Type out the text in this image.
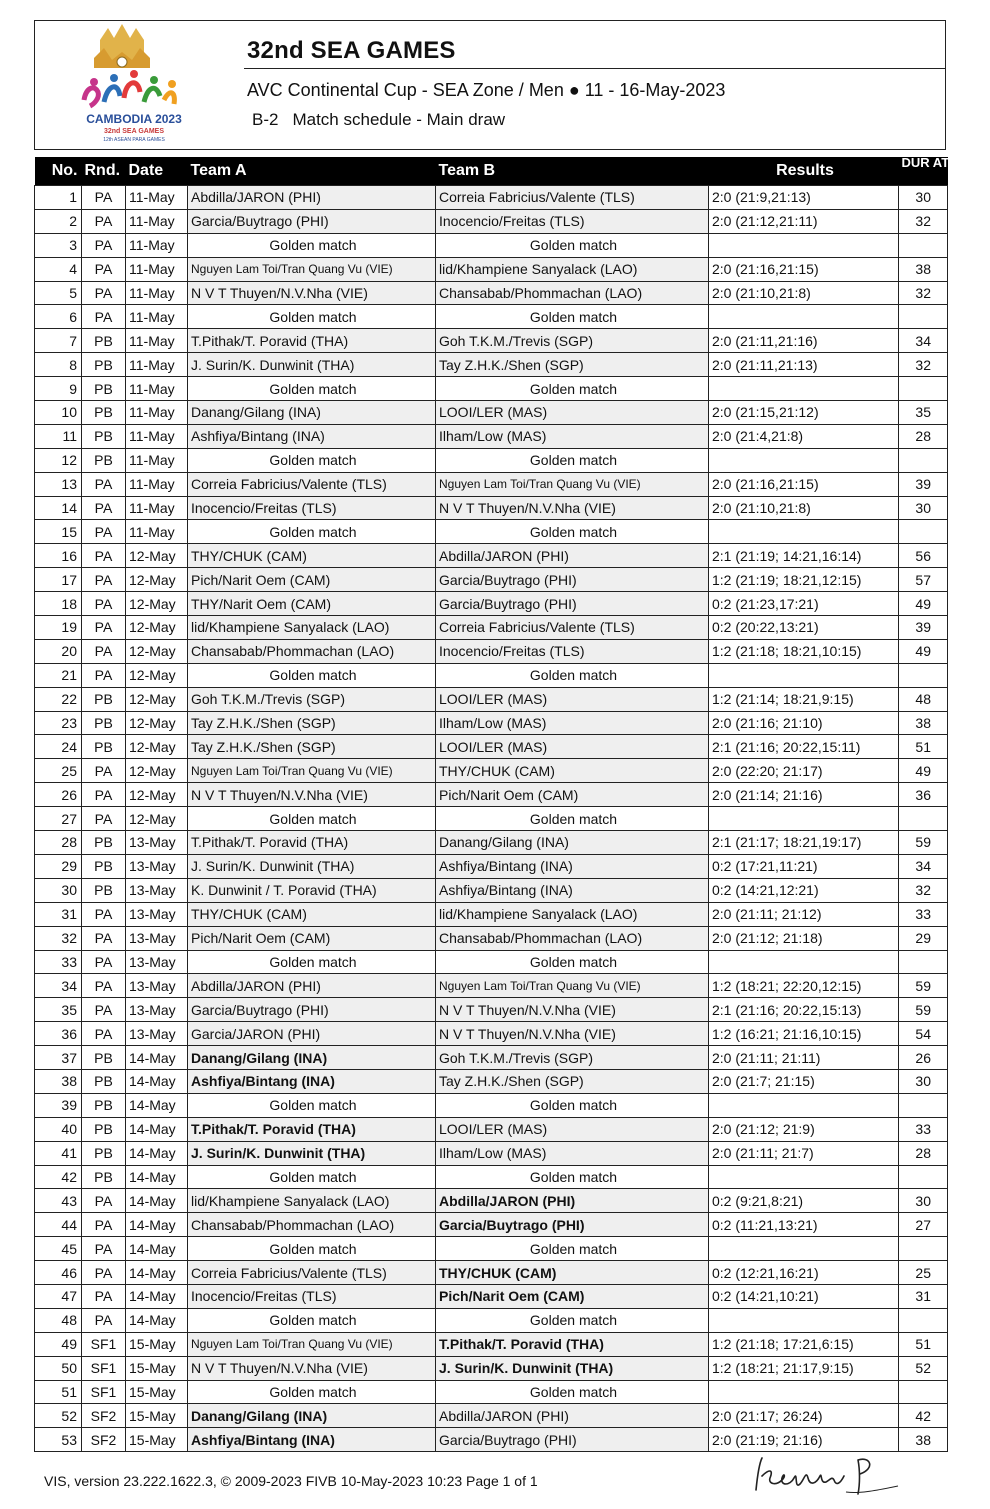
CAMBODIA 2023
32nd SEA GAMES
12th ASEAN PARA GAMES
32nd SEA GAMES
AVC Continental Cup - SEA Zone / Men ● 11 - 16-May-2023
B-2 Match schedule - Main draw
No.	Rnd.	Date	Team A	Team B	Results	DUR ATIO
1	PA	11-May	Abdilla/JARON (PHI)	Correia Fabricius/Valente (TLS)	2:0 (21:9,21:13)	30
2	PA	11-May	Garcia/Buytrago (PHI)	Inocencio/Freitas (TLS)	2:0 (21:12,21:11)	32
3	PA	11-May	Golden match	Golden match		
4	PA	11-May	Nguyen Lam Toi/Tran Quang Vu (VIE)	lid/Khampiene Sanyalack (LAO)	2:0 (21:16,21:15)	38
5	PA	11-May	N V T Thuyen/N.V.Nha (VIE)	Chansabab/Phommachan (LAO)	2:0 (21:10,21:8)	32
6	PA	11-May	Golden match	Golden match		
7	PB	11-May	T.Pithak/T. Poravid (THA)	Goh T.K.M./Trevis (SGP)	2:0 (21:11,21:16)	34
8	PB	11-May	J. Surin/K. Dunwinit (THA)	Tay Z.H.K./Shen (SGP)	2:0 (21:11,21:13)	32
9	PB	11-May	Golden match	Golden match		
10	PB	11-May	Danang/Gilang (INA)	LOOI/LER (MAS)	2:0 (21:15,21:12)	35
11	PB	11-May	Ashfiya/Bintang (INA)	Ilham/Low (MAS)	2:0 (21:4,21:8)	28
12	PB	11-May	Golden match	Golden match		
13	PA	11-May	Correia Fabricius/Valente (TLS)	Nguyen Lam Toi/Tran Quang Vu (VIE)	2:0 (21:16,21:15)	39
14	PA	11-May	Inocencio/Freitas (TLS)	N V T Thuyen/N.V.Nha (VIE)	2:0 (21:10,21:8)	30
15	PA	11-May	Golden match	Golden match		
16	PA	12-May	THY/CHUK (CAM)	Abdilla/JARON (PHI)	2:1 (21:19; 14:21,16:14)	56
17	PA	12-May	Pich/Narit Oem (CAM)	Garcia/Buytrago (PHI)	1:2 (21:19; 18:21,12:15)	57
18	PA	12-May	THY/Narit Oem (CAM)	Garcia/Buytrago (PHI)	0:2 (21:23,17:21)	49
19	PA	12-May	lid/Khampiene Sanyalack (LAO)	Correia Fabricius/Valente (TLS)	0:2 (20:22,13:21)	39
20	PA	12-May	Chansabab/Phommachan (LAO)	Inocencio/Freitas (TLS)	1:2 (21:18; 18:21,10:15)	49
21	PA	12-May	Golden match	Golden match		
22	PB	12-May	Goh T.K.M./Trevis (SGP)	LOOI/LER (MAS)	1:2 (21:14; 18:21,9:15)	48
23	PB	12-May	Tay Z.H.K./Shen (SGP)	Ilham/Low (MAS)	2:0 (21:16; 21:10)	38
24	PB	12-May	Tay Z.H.K./Shen (SGP)	LOOI/LER (MAS)	2:1 (21:16; 20:22,15:11)	51
25	PA	12-May	Nguyen Lam Toi/Tran Quang Vu (VIE)	THY/CHUK (CAM)	2:0 (22:20; 21:17)	49
26	PA	12-May	N V T Thuyen/N.V.Nha (VIE)	Pich/Narit Oem (CAM)	2:0 (21:14; 21:16)	36
27	PA	12-May	Golden match	Golden match		
28	PB	13-May	T.Pithak/T. Poravid (THA)	Danang/Gilang (INA)	2:1 (21:17; 18:21,19:17)	59
29	PB	13-May	J. Surin/K. Dunwinit (THA)	Ashfiya/Bintang (INA)	0:2 (17:21,11:21)	34
30	PB	13-May	K. Dunwinit / T. Poravid (THA)	Ashfiya/Bintang (INA)	0:2 (14:21,12:21)	32
31	PA	13-May	THY/CHUK (CAM)	lid/Khampiene Sanyalack (LAO)	2:0 (21:11; 21:12)	33
32	PA	13-May	Pich/Narit Oem (CAM)	Chansabab/Phommachan (LAO)	2:0 (21:12; 21:18)	29
33	PA	13-May	Golden match	Golden match		
34	PA	13-May	Abdilla/JARON (PHI)	Nguyen Lam Toi/Tran Quang Vu (VIE)	1:2 (18:21; 22:20,12:15)	59
35	PA	13-May	Garcia/Buytrago (PHI)	N V T Thuyen/N.V.Nha (VIE)	2:1 (21:16; 20:22,15:13)	59
36	PA	13-May	Garcia/JARON (PHI)	N V T Thuyen/N.V.Nha (VIE)	1:2 (16:21; 21:16,10:15)	54
37	PB	14-May	Danang/Gilang (INA)	Goh T.K.M./Trevis (SGP)	2:0 (21:11; 21:11)	26
38	PB	14-May	Ashfiya/Bintang (INA)	Tay Z.H.K./Shen (SGP)	2:0 (21:7; 21:15)	30
39	PB	14-May	Golden match	Golden match		
40	PB	14-May	T.Pithak/T. Poravid (THA)	LOOI/LER (MAS)	2:0 (21:12; 21:9)	33
41	PB	14-May	J. Surin/K. Dunwinit (THA)	Ilham/Low (MAS)	2:0 (21:11; 21:7)	28
42	PB	14-May	Golden match	Golden match		
43	PA	14-May	lid/Khampiene Sanyalack (LAO)	Abdilla/JARON (PHI)	0:2 (9:21,8:21)	30
44	PA	14-May	Chansabab/Phommachan (LAO)	Garcia/Buytrago (PHI)	0:2 (11:21,13:21)	27
45	PA	14-May	Golden match	Golden match		
46	PA	14-May	Correia Fabricius/Valente (TLS)	THY/CHUK (CAM)	0:2 (12:21,16:21)	25
47	PA	14-May	Inocencio/Freitas (TLS)	Pich/Narit Oem (CAM)	0:2 (14:21,10:21)	31
48	PA	14-May	Golden match	Golden match		
49	SF1	15-May	Nguyen Lam Toi/Tran Quang Vu (VIE)	T.Pithak/T. Poravid (THA)	1:2 (21:18; 17:21,6:15)	51
50	SF1	15-May	N V T Thuyen/N.V.Nha (VIE)	J. Surin/K. Dunwinit (THA)	1:2 (18:21; 21:17,9:15)	52
51	SF1	15-May	Golden match	Golden match		
52	SF2	15-May	Danang/Gilang (INA)	Abdilla/JARON (PHI)	2:0 (21:17; 26:24)	42
53	SF2	15-May	Ashfiya/Bintang (INA)	Garcia/Buytrago (PHI)	2:0 (21:19; 21:16)	38
VIS, version 23.222.1622.3, © 2009-2023 FIVB 10-May-2023 10:23 Page 1 of 1
